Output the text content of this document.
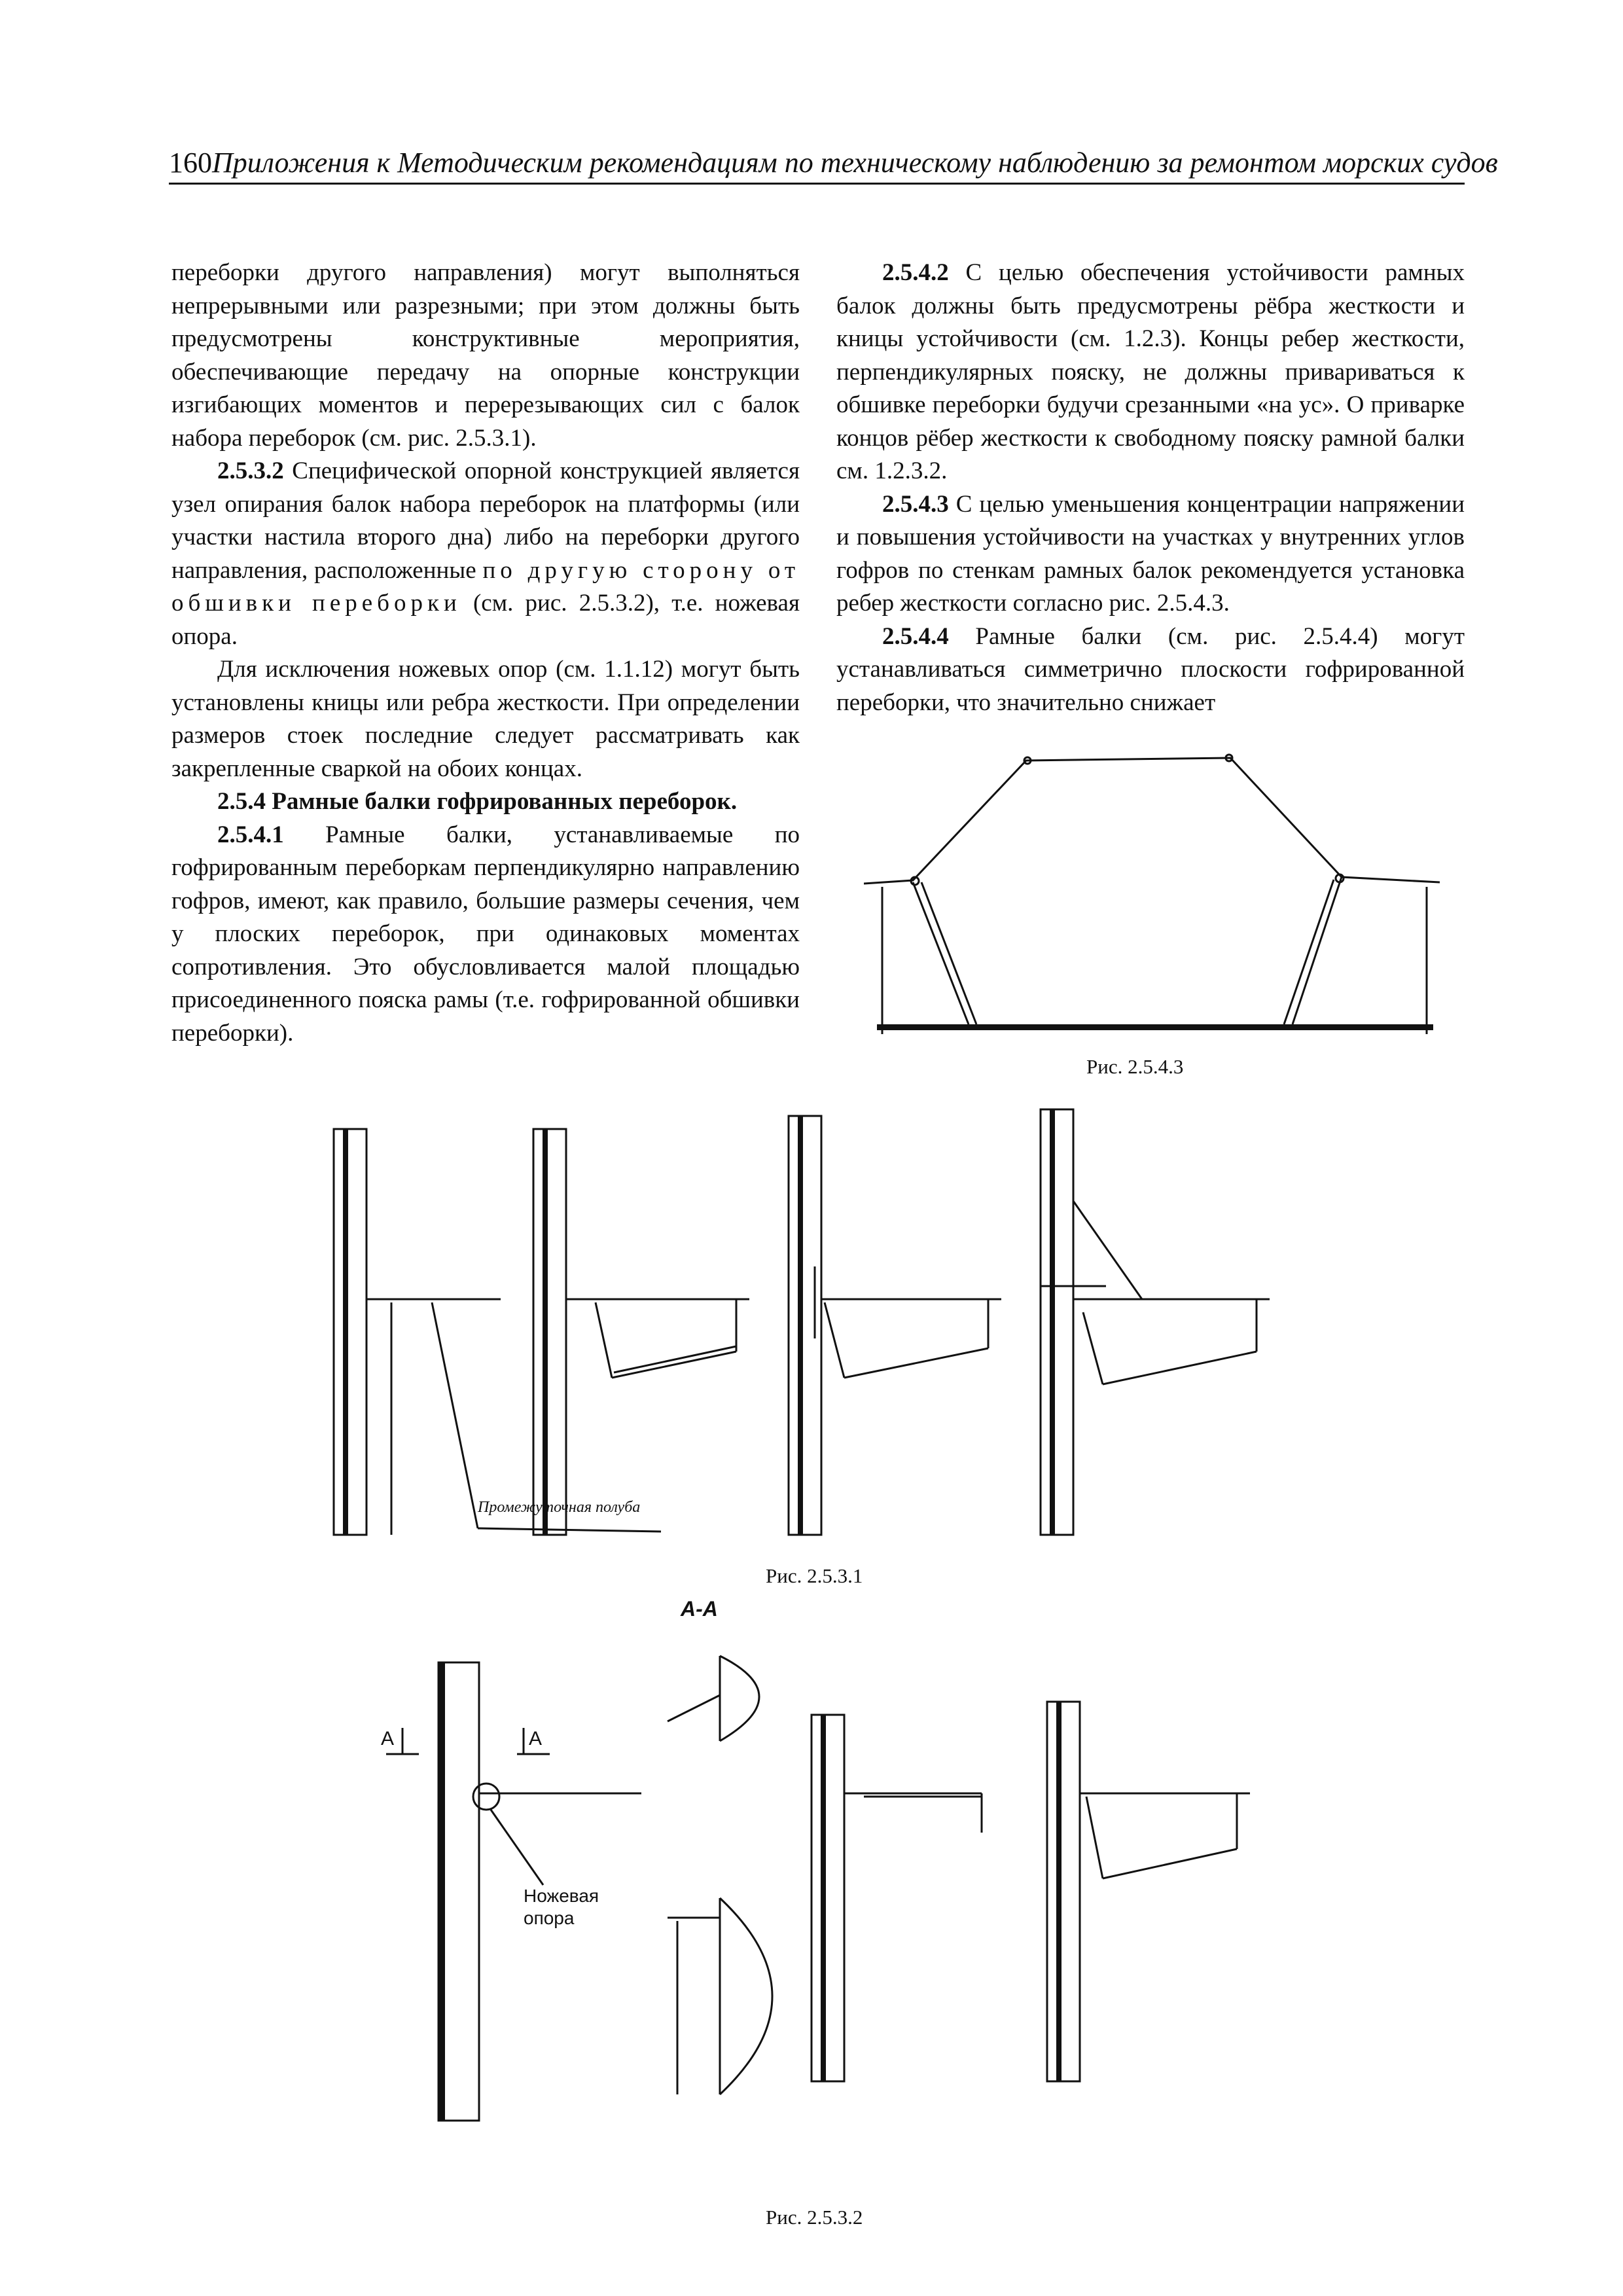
160 Приложения к Методическим рекомендациям по техническому наблюдению за ремонтом морских судов

переборки другого направления) могут выполняться непрерывными или разрезными; при этом должны быть предусмотрены конструктивные мероприятия, обеспечивающие передачу на опорные конструкции изгибающих моментов и перерезывающих сил с балок набора переборок (см. рис. 2.5.3.1).

2.5.3.2 Специфической опорной конструкцией является узел опирания балок набора переборок на платформы (или участки настила второго дна) либо на переборки другого направления, расположенные по другую сторону от обшивки переборки (см. рис. 2.5.3.2), т.е. ножевая опора.

Для исключения ножевых опор (см. 1.1.12) могут быть установлены кницы или ребра жесткости. При определении размеров стоек последние следует рассматривать как закрепленные сваркой на обоих концах.

2.5.4 Рамные балки гофрированных переборок.

2.5.4.1 Рамные балки, устанавливаемые по гофрированным переборкам перпендикулярно направлению гофров, имеют, как правило, большие размеры сечения, чем у плоских переборок, при одинаковых моментах сопротивления. Это обусловливается малой площадью присоединенного пояска рамы (т.е. гофрированной обшивки переборки).

2.5.4.2 С целью обеспечения устойчивости рамных балок должны быть предусмотрены рёбра жесткости и кницы устойчивости (см. 1.2.3). Концы ребер жесткости, перпендикулярных пояску, не должны привариваться к обшивке переборки будучи срезанными «на ус». О приварке концов рёбер жесткости к свободному пояску рамной балки см. 1.2.3.2.

2.5.4.3 С целью уменьшения концентрации напряжении и повышения устойчивости на участках у внутренних углов гофров по стенкам рамных балок рекомендуется установка ребер жесткости согласно рис. 2.5.4.3.

2.5.4.4 Рамные балки (см. рис. 2.5.4.4) могут устанавливаться симметрично плоскости гофрированной переборки, что значительно снижает

Рис. 2.5.4.3
Промежуточная полуба
Рис. 2.5.3.1
А-А
А	А
Ножевая
опора
Рис. 2.5.3.2
